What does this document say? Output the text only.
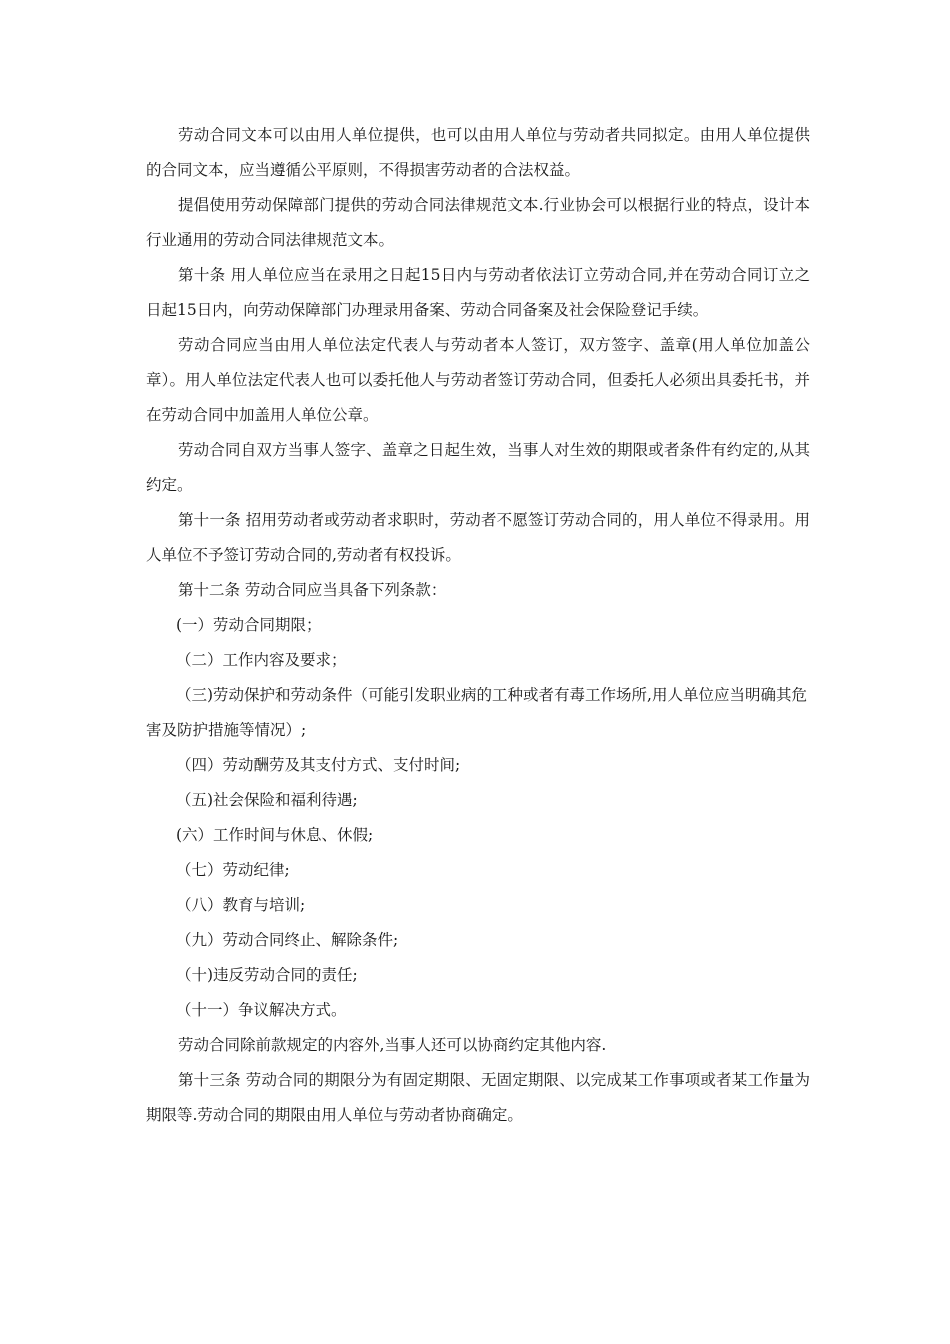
劳动合同文本可以由用人单位提供，也可以由用人单位与劳动者共同拟定。由用人单位提供的合同文本，应当遵循公平原则，不得损害劳动者的合法权益。

提倡使用劳动保障部门提供的劳动合同法律规范文本.行业协会可以根据行业的特点，设计本行业通用的劳动合同法律规范文本。

第十条 用人单位应当在录用之日起15日内与劳动者依法订立劳动合同,并在劳动合同订立之日起15日内，向劳动保障部门办理录用备案、劳动合同备案及社会保险登记手续。

劳动合同应当由用人单位法定代表人与劳动者本人签订，双方签字、盖章(用人单位加盖公章）。用人单位法定代表人也可以委托他人与劳动者签订劳动合同，但委托人必须出具委托书，并在劳动合同中加盖用人单位公章。

劳动合同自双方当事人签字、盖章之日起生效，当事人对生效的期限或者条件有约定的,从其约定。

第十一条 招用劳动者或劳动者求职时，劳动者不愿签订劳动合同的，用人单位不得录用。用人单位不予签订劳动合同的,劳动者有权投诉。

第十二条 劳动合同应当具备下列条款：

(一）劳动合同期限；

（二）工作内容及要求；

（三)劳动保护和劳动条件（可能引发职业病的工种或者有毒工作场所,用人单位应当明确其危害及防护措施等情况）;

（四）劳动酬劳及其支付方式、支付时间;

（五)社会保险和福利待遇;

(六）工作时间与休息、休假;

（七）劳动纪律;

（八）教育与培训;

（九）劳动合同终止、解除条件;

（十)违反劳动合同的责任;

（十一）争议解决方式。

劳动合同除前款规定的内容外,当事人还可以协商约定其他内容.

第十三条 劳动合同的期限分为有固定期限、无固定期限、以完成某工作事项或者某工作量为期限等.劳动合同的期限由用人单位与劳动者协商确定。
